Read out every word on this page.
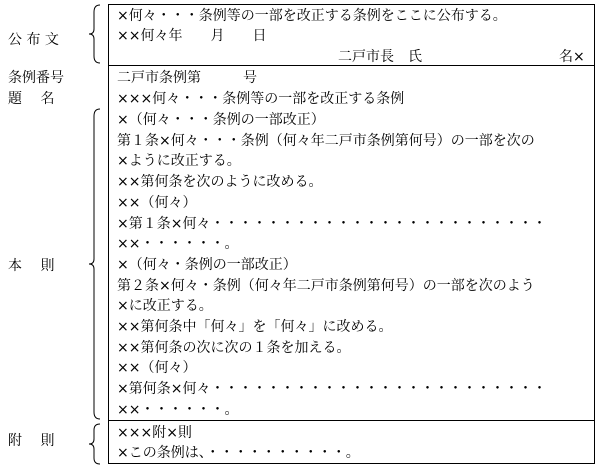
公 布 文
条例番号
題　 名
本　 則
附　 則
×何々・・・条例等の一部を改正する条例をここに公布する。
××何々年　　月　　日
二戸市長　氏	名×
二戸市条例第　　　号
×××何々・・・条例等の一部を改正する条例
×（何々・・・条例の一部改正）
第１条×何々・・・条例（何々年二戸市条例第何号）の一部を次の
×ように改正する。
××第何条を次のように改める。
××（何々）
×第１条×何々・・・・・・・・・・・・・・・・・・・・・・・・
××・・・・・・。
×（何々・条例の一部改正）
第２条×何々・条例（何々年二戸市条例第何号）の一部を次のよう
×に改正する。
××第何条中「何々」を「何々」に改める。
××第何条の次に次の１条を加える。
××（何々）
×第何条×何々・・・・・・・・・・・・・・・・・・・・・・・・
××・・・・・・。
×××附×則
×この条例は、・・・・・・・・・・。
